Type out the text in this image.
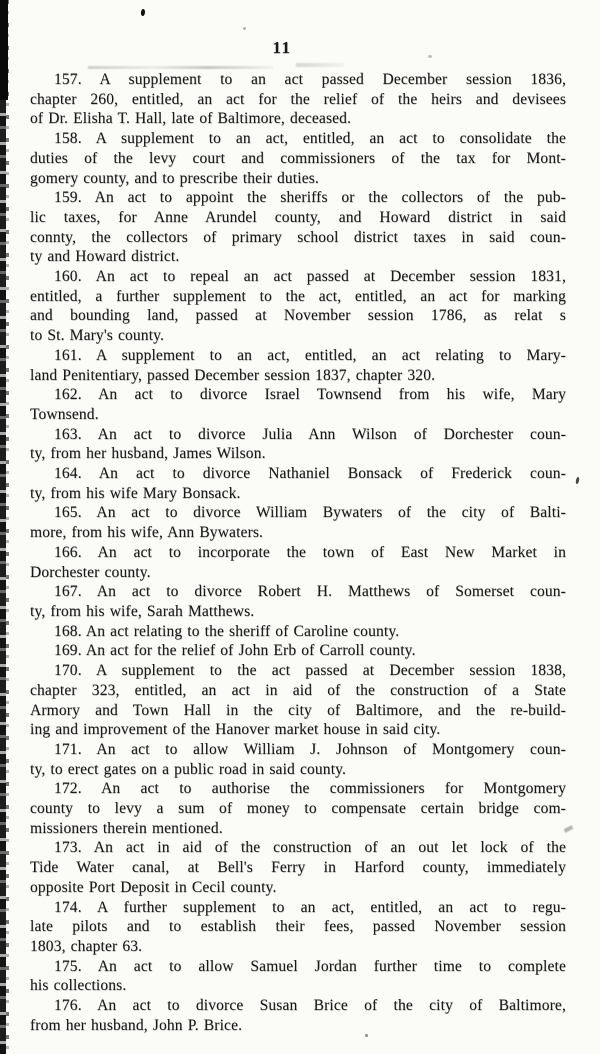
11

157. A supplement to an act passed December session 1836,
chapter 260, entitled, an act for the relief of the heirs and devisees
of Dr. Elisha T. Hall, late of Baltimore, deceased.

158. A supplement to an act, entitled, an act to consolidate the
duties of the levy court and commissioners of the tax for Mont-
gomery county, and to prescribe their duties.

159. An act to appoint the sheriffs or the collectors of the pub-
lic taxes, for Anne Arundel county, and Howard district in said
connty, the collectors of primary school district taxes in said coun-
ty and Howard district.

160. An act to repeal an act passed at December session 1831,
entitled, a further supplement to the act, entitled, an act for marking
and bounding land, passed at November session 1786, as relat s
to St. Mary's county.

161. A supplement to an act, entitled, an act relating to Mary-
land Penitentiary, passed December session 1837, chapter 320.

162. An act to divorce Israel Townsend from his wife, Mary
Townsend.

163. An act to divorce Julia Ann Wilson of Dorchester coun-
ty, from her husband, James Wilson.

164. An act to divorce Nathaniel Bonsack of Frederick coun-
ty, from his wife Mary Bonsack.

165. An act to divorce William Bywaters of the city of Balti-
more, from his wife, Ann Bywaters.

166. An act to incorporate the town of East New Market in
Dorchester county.

167. An act to divorce Robert H. Matthews of Somerset coun-
ty, from his wife, Sarah Matthews.

168. An act relating to the sheriff of Caroline county.

169. An act for the relief of John Erb of Carroll county.

170. A supplement to the act passed at December session 1838,
chapter 323, entitled, an act in aid of the construction of a State
Armory and Town Hall in the city of Baltimore, and the re-build-
ing and improvement of the Hanover market house in said city.

171. An act to allow William J. Johnson of Montgomery coun-
ty, to erect gates on a public road in said county.

172. An act to authorise the commissioners for Montgomery
county to levy a sum of money to compensate certain bridge com-
missioners therein mentioned.

173. An act in aid of the construction of an out let lock of the
Tide Water canal, at Bell's Ferry in Harford county, immediately
opposite Port Deposit in Cecil county.

174. A further supplement to an act, entitled, an act to regu-
late pilots and to establish their fees, passed November session
1803, chapter 63.

175. An act to allow Samuel Jordan further time to complete
his collections.

176. An act to divorce Susan Brice of the city of Baltimore,
from her husband, John P. Brice.
